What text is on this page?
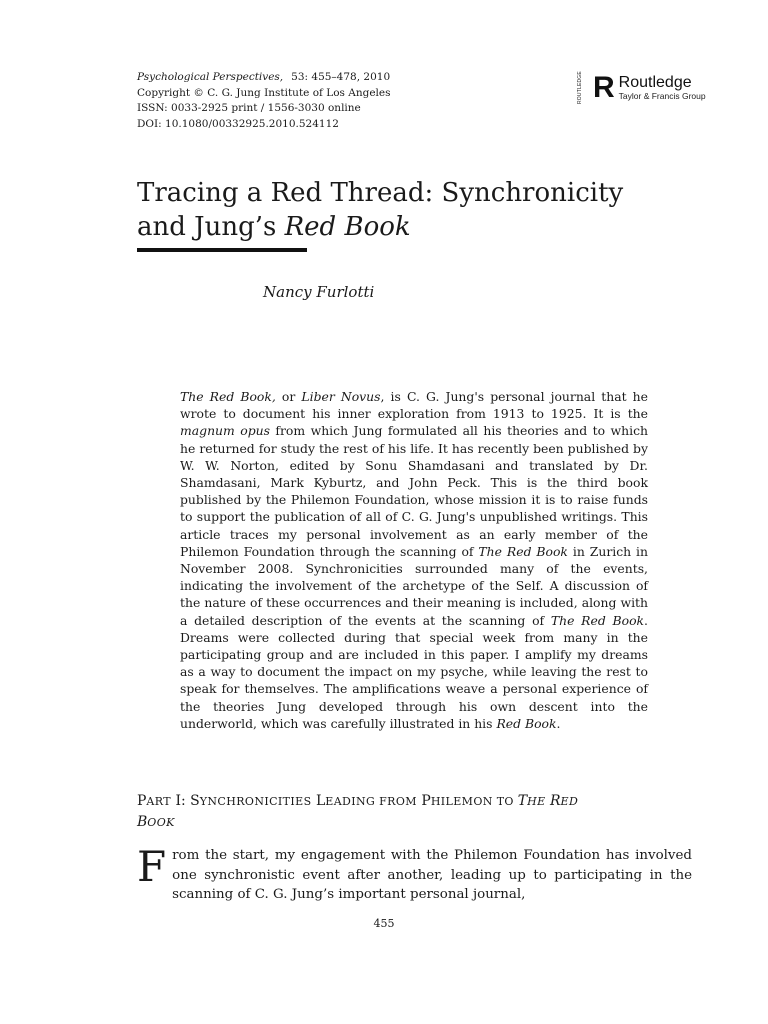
Psychological Perspectives, 53: 455–478, 2010
Copyright © C. G. Jung Institute of Los Angeles
ISSN: 0033-2925 print / 1556-3030 online
DOI: 10.1080/00332925.2010.524112
ROUTLEDGE R Routledge
Taylor & Francis Group
Tracing a Red Thread: Synchronicity
and Jung’s Red Book
Nancy Furlotti

The Red Book, or Liber Novus, is C. G. Jung's personal journal that he wrote to document his inner exploration from 1913 to 1925. It is the magnum opus from which Jung formulated all his theories and to which he returned for study the rest of his life. It has recently been published by W. W. Norton, edited by Sonu Shamdasani and translated by Dr. Shamdasani, Mark Kyburtz, and John Peck. This is the third book published by the Philemon Foundation, whose mission it is to raise funds to support the publication of all of C. G. Jung's unpublished writings. This article traces my personal involvement as an early member of the Philemon Foundation through the scanning of The Red Book in Zurich in November 2008. Synchronicities surrounded many of the events, indicating the involvement of the archetype of the Self. A discussion of the nature of these occurrences and their meaning is included, along with a detailed description of the events at the scanning of The Red Book. Dreams were collected during that special week from many in the participating group and are included in this paper. I amplify my dreams as a way to document the impact on my psyche, while leaving the rest to speak for themselves. The amplifications weave a personal experience of the theories Jung developed through his own descent into the underworld, which was carefully illustrated in his Red Book.

PART I: SYNCHRONICITIES LEADING FROM PHILEMON TO THE RED
BOOK

From the start, my engagement with the Philemon Foundation has involved one synchronistic event after another, leading up to participating in the scanning of C. G. Jung’s important personal journal,

455
